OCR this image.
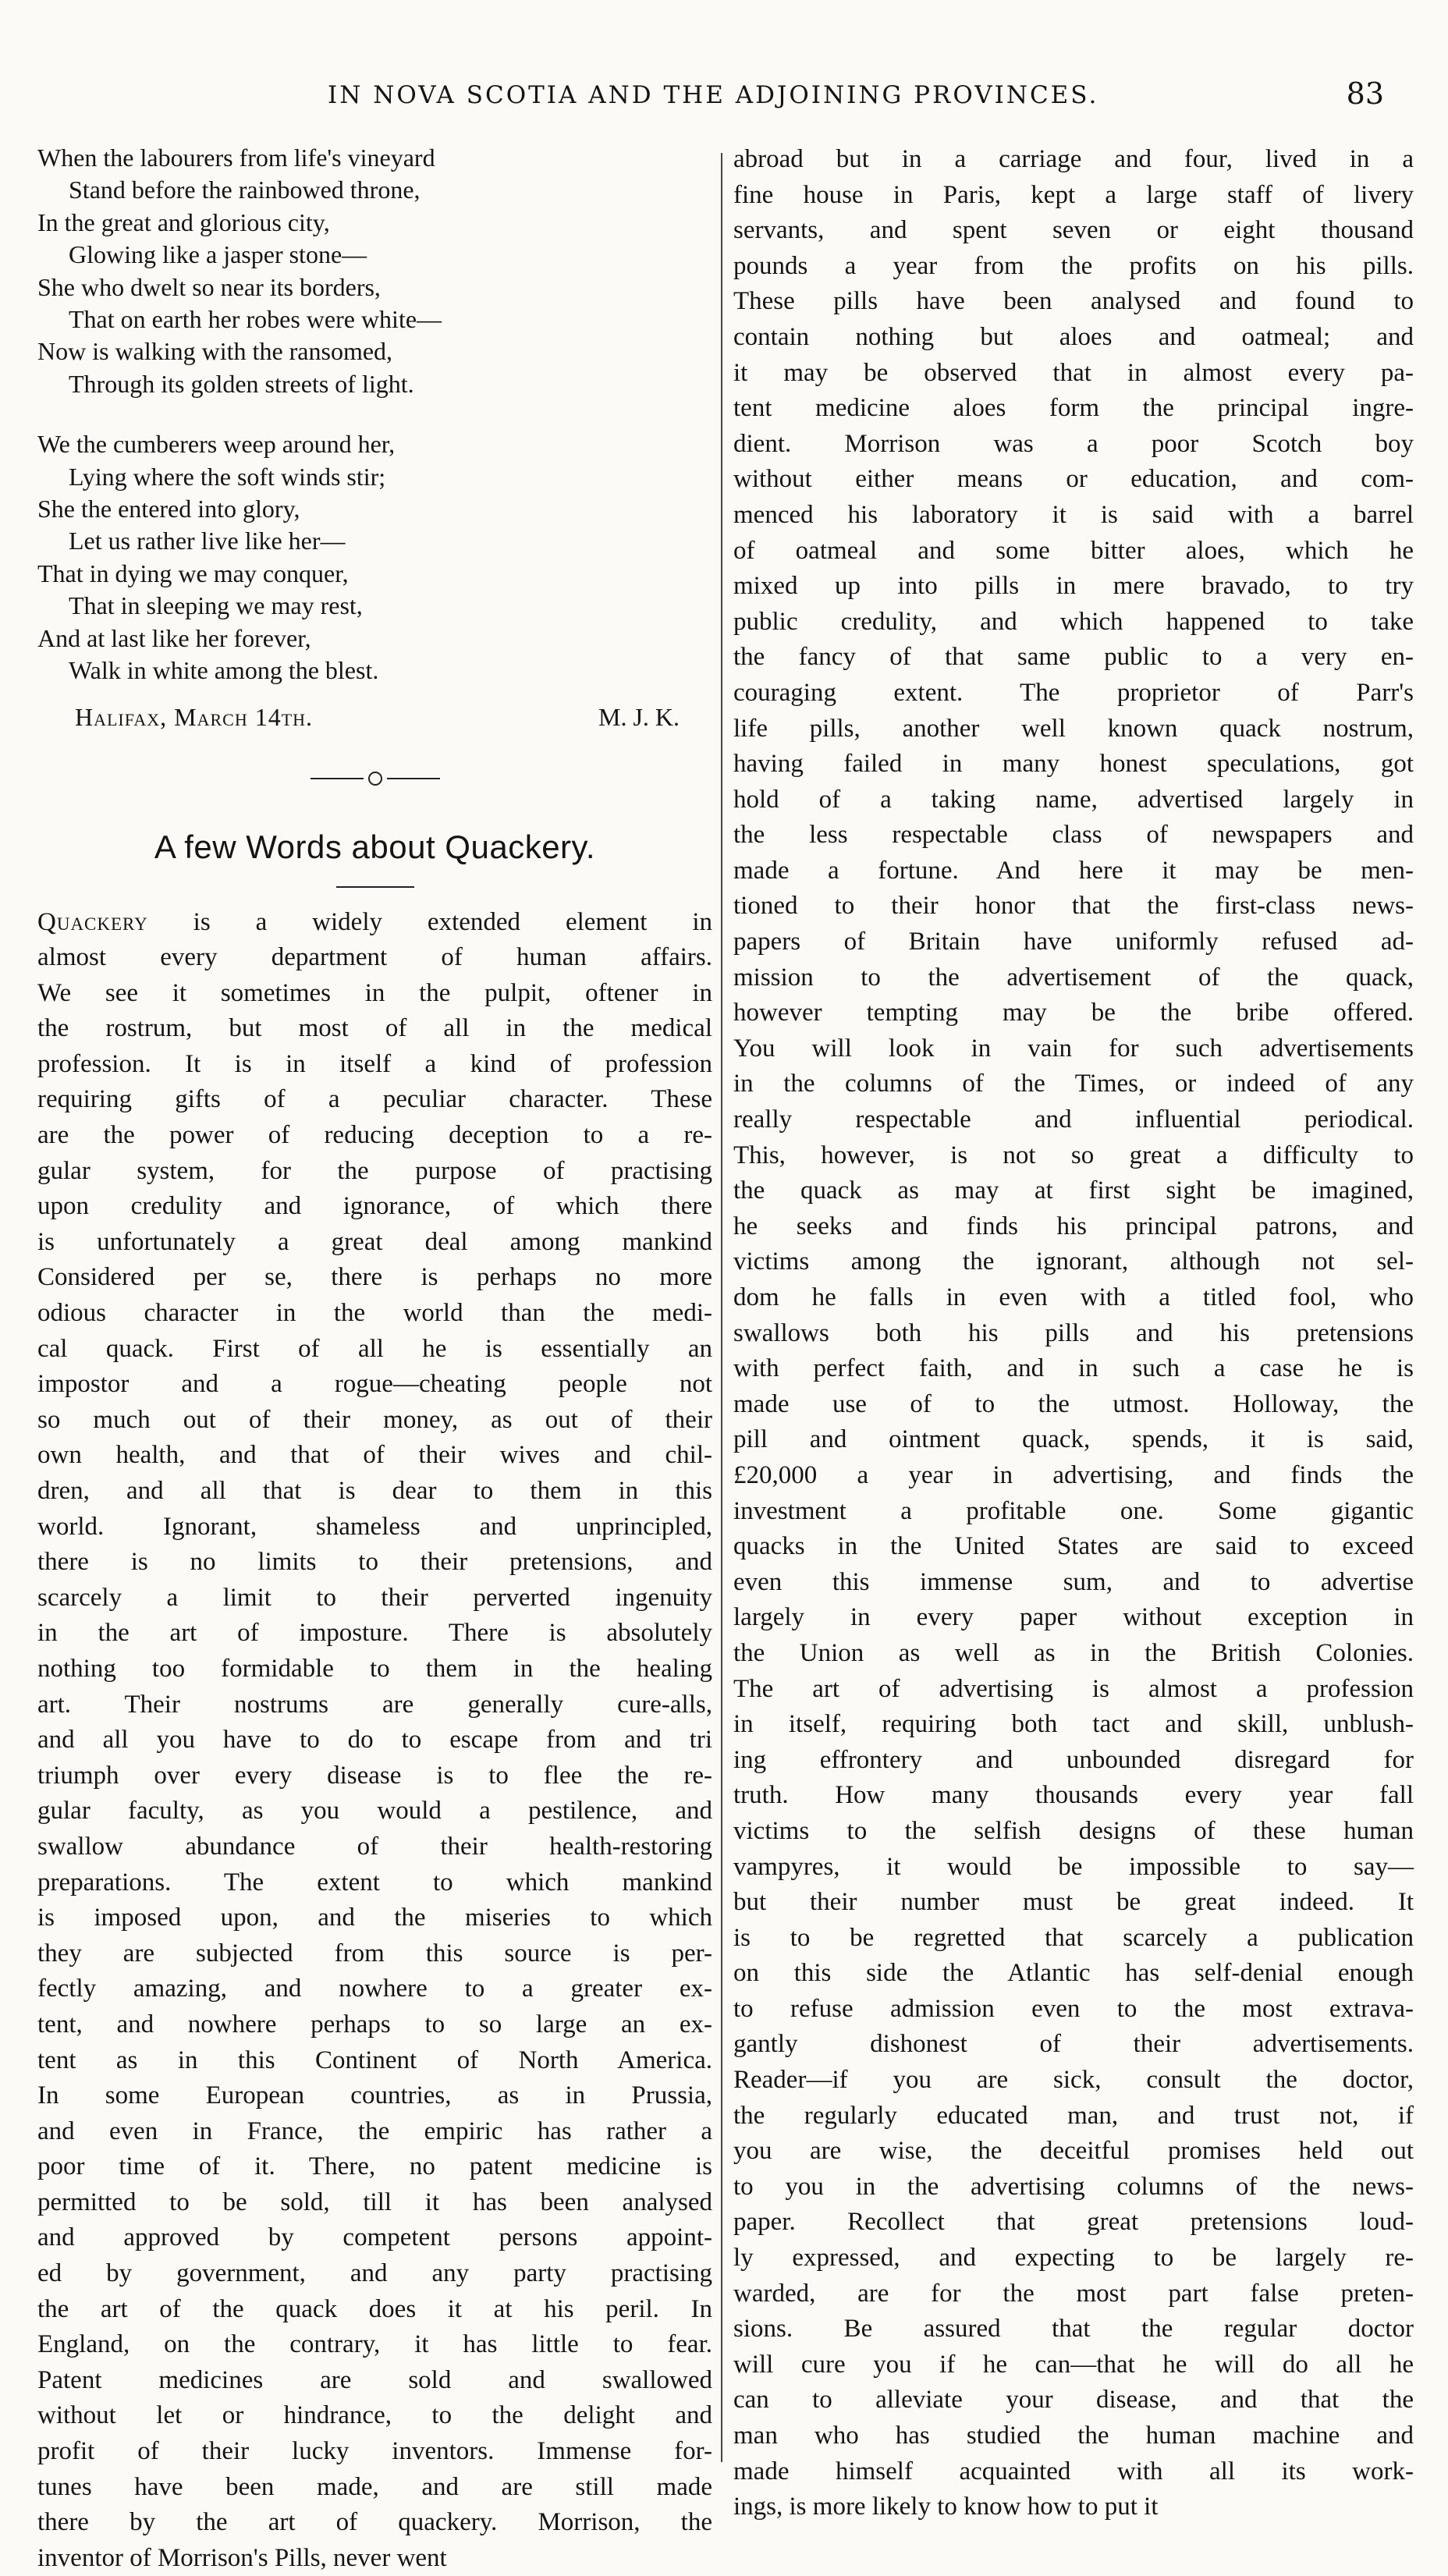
IN NOVA SCOTIA AND THE ADJOINING PROVINCES.	83
When the labourers from life's vineyard
Stand before the rainbowed throne,
In the great and glorious city,
Glowing like a jasper stone—
She who dwelt so near its borders,
That on earth her robes were white—
Now is walking with the ransomed,
Through its golden streets of light.
We the cumberers weep around her,
Lying where the soft winds stir;
She the entered into glory,
Let us rather live like her—
That in dying we may conquer,
That in sleeping we may rest,
And at last like her forever,
Walk in white among the blest.
Halifax, March 14th.	M. J. K.
A few Words about Quackery.
Quackery is a widely extended element in
almost every department of human affairs.
We see it sometimes in the pulpit, oftener in
the rostrum, but most of all in the medical
profession. It is in itself a kind of profession
requiring gifts of a peculiar character. These
are the power of reducing deception to a re-
gular system, for the purpose of practising
upon credulity and ignorance, of which there
is unfortunately a great deal among mankind
Considered per se, there is perhaps no more
odious character in the world than the medi-
cal quack. First of all he is essentially an
impostor and a rogue—cheating people not
so much out of their money, as out of their
own health, and that of their wives and chil-
dren, and all that is dear to them in this
world. Ignorant, shameless and unprincipled,
there is no limits to their pretensions, and
scarcely a limit to their perverted ingenuity
in the art of imposture. There is absolutely
nothing too formidable to them in the healing
art. Their nostrums are generally cure-alls,
and all you have to do to escape from and tri
triumph over every disease is to flee the re-
gular faculty, as you would a pestilence, and
swallow abundance of their health-restoring
preparations. The extent to which mankind
is imposed upon, and the miseries to which
they are subjected from this source is per-
fectly amazing, and nowhere to a greater ex-
tent, and nowhere perhaps to so large an ex-
tent as in this Continent of North America.
In some European countries, as in Prussia,
and even in France, the empiric has rather a
poor time of it. There, no patent medicine is
permitted to be sold, till it has been analysed
and approved by competent persons appoint-
ed by government, and any party practising
the art of the quack does it at his peril. In
England, on the contrary, it has little to fear.
Patent medicines are sold and swallowed
without let or hindrance, to the delight and
profit of their lucky inventors. Immense for-
tunes have been made, and are still made
there by the art of quackery. Morrison, the
inventor of Morrison's Pills, never went
abroad but in a carriage and four, lived in a
fine house in Paris, kept a large staff of livery
servants, and spent seven or eight thousand
pounds a year from the profits on his pills.
These pills have been analysed and found to
contain nothing but aloes and oatmeal; and
it may be observed that in almost every pa-
tent medicine aloes form the principal ingre-
dient. Morrison was a poor Scotch boy
without either means or education, and com-
menced his laboratory it is said with a barrel
of oatmeal and some bitter aloes, which he
mixed up into pills in mere bravado, to try
public credulity, and which happened to take
the fancy of that same public to a very en-
couraging extent. The proprietor of Parr's
life pills, another well known quack nostrum,
having failed in many honest speculations, got
hold of a taking name, advertised largely in
the less respectable class of newspapers and
made a fortune. And here it may be men-
tioned to their honor that the first-class news-
papers of Britain have uniformly refused ad-
mission to the advertisement of the quack,
however tempting may be the bribe offered.
You will look in vain for such advertisements
in the columns of the Times, or indeed of any
really respectable and influential periodical.
This, however, is not so great a difficulty to
the quack as may at first sight be imagined,
he seeks and finds his principal patrons, and
victims among the ignorant, although not sel-
dom he falls in even with a titled fool, who
swallows both his pills and his pretensions
with perfect faith, and in such a case he is
made use of to the utmost. Holloway, the
pill and ointment quack, spends, it is said,
£20,000 a year in advertising, and finds the
investment a profitable one. Some gigantic
quacks in the United States are said to exceed
even this immense sum, and to advertise
largely in every paper without exception in
the Union as well as in the British Colonies.
The art of advertising is almost a profession
in itself, requiring both tact and skill, unblush-
ing effrontery and unbounded disregard for
truth. How many thousands every year fall
victims to the selfish designs of these human
vampyres, it would be impossible to say—
but their number must be great indeed. It
is to be regretted that scarcely a publication
on this side the Atlantic has self-denial enough
to refuse admission even to the most extrava-
gantly dishonest of their advertisements.
Reader—if you are sick, consult the doctor,
the regularly educated man, and trust not, if
you are wise, the deceitful promises held out
to you in the advertising columns of the news-
paper. Recollect that great pretensions loud-
ly expressed, and expecting to be largely re-
warded, are for the most part false preten-
sions. Be assured that the regular doctor
will cure you if he can—that he will do all he
can to alleviate your disease, and that the
man who has studied the human machine and
made himself acquainted with all its work-
ings, is more likely to know how to put it
